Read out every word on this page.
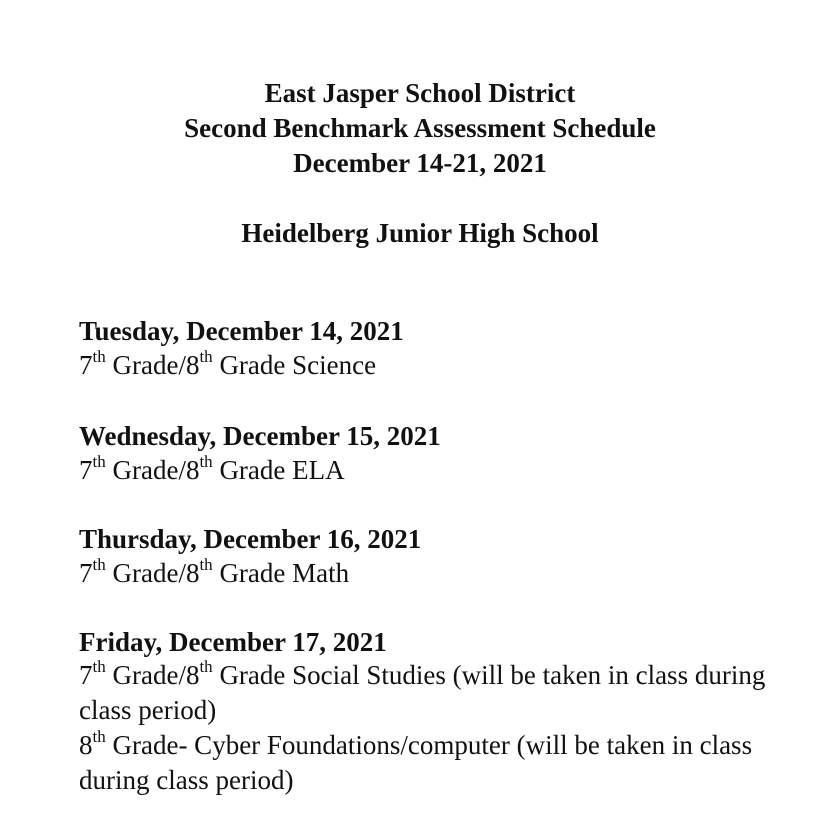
East Jasper School District
Second Benchmark Assessment Schedule
December 14-21, 2021
Heidelberg Junior High School
Tuesday, December 14, 2021
7th Grade/8th Grade Science
Wednesday, December 15, 2021
7th Grade/8th Grade ELA
Thursday, December 16, 2021
7th Grade/8th Grade Math
Friday, December 17, 2021
7th Grade/8th Grade Social Studies (will be taken in class during class period)
8th Grade- Cyber Foundations/computer (will be taken in class during class period)
